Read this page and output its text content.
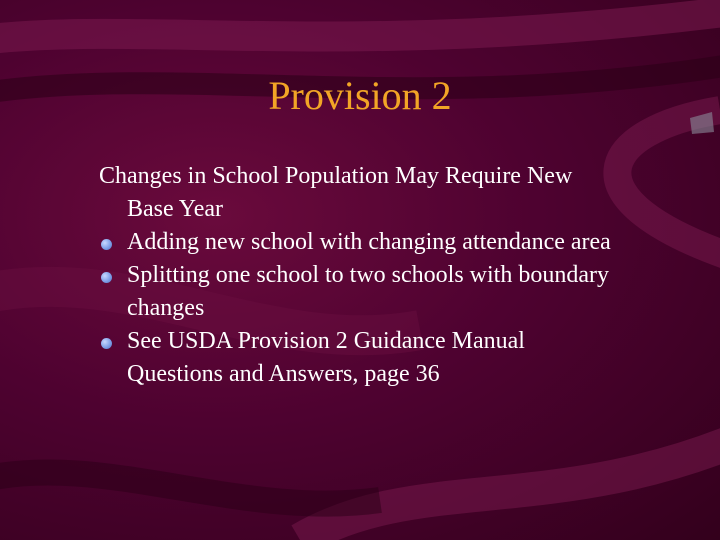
Provision 2
Changes in School Population May Require New Base Year
Adding new school with changing attendance area
Splitting one school to two schools with boundary changes
See USDA Provision 2 Guidance Manual Questions and Answers, page 36
